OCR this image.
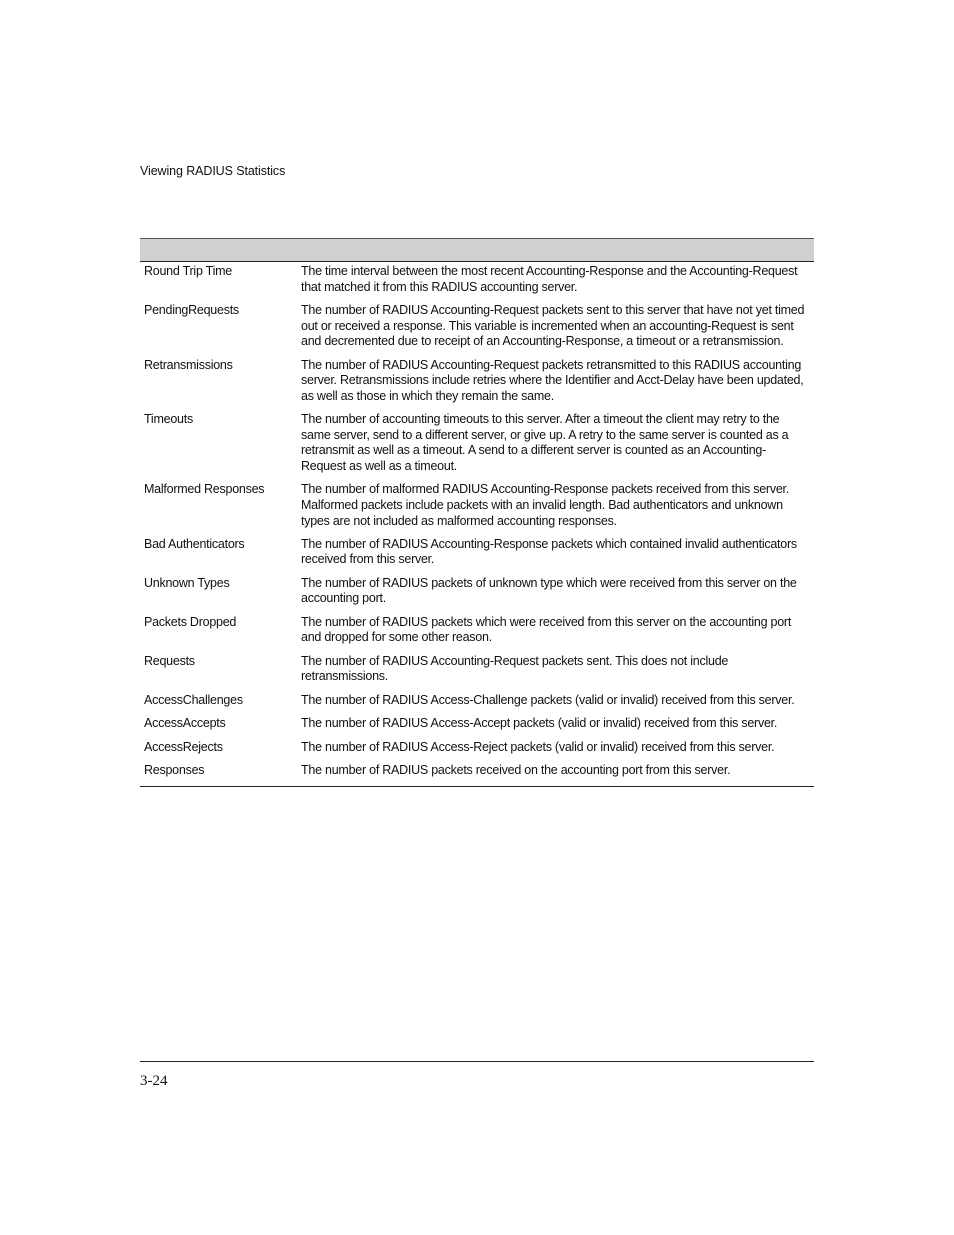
Viewing RADIUS Statistics
Round Trip Time	The time interval between the most recent Accounting-Response and the Accounting-Request that matched it from this RADIUS accounting server.
PendingRequests	The number of RADIUS Accounting-Request packets sent to this server that have not yet timed out or received a response. This variable is incremented when an accounting-Request is sent and decremented due to receipt of an Accounting-Response, a timeout or a retransmission.
Retransmissions	The number of RADIUS Accounting-Request packets retransmitted to this RADIUS accounting server. Retransmissions include retries where the Identifier and Acct-Delay have been updated, as well as those in which they remain the same.
Timeouts	The number of accounting timeouts to this server. After a timeout the client may retry to the same server, send to a different server, or give up. A retry to the same server is counted as a retransmit as well as a timeout. A send to a different server is counted as an Accounting-Request as well as a timeout.
Malformed Responses	The number of malformed RADIUS Accounting-Response packets received from this server. Malformed packets include packets with an invalid length. Bad authenticators and unknown types are not included as malformed accounting responses.
Bad Authenticators	The number of RADIUS Accounting-Response packets which contained invalid authenticators received from this server.
Unknown Types	The number of RADIUS packets of unknown type which were received from this server on the accounting port.
Packets Dropped	The number of RADIUS packets which were received from this server on the accounting port and dropped for some other reason.
Requests	The number of RADIUS Accounting-Request packets sent. This does not include retransmissions.
AccessChallenges	The number of RADIUS Access-Challenge packets (valid or invalid) received from this server.
AccessAccepts	The number of RADIUS Access-Accept packets (valid or invalid) received from this server.
AccessRejects	The number of RADIUS Access-Reject packets (valid or invalid) received from this server.
Responses	The number of RADIUS packets received on the accounting port from this server.
3-24
